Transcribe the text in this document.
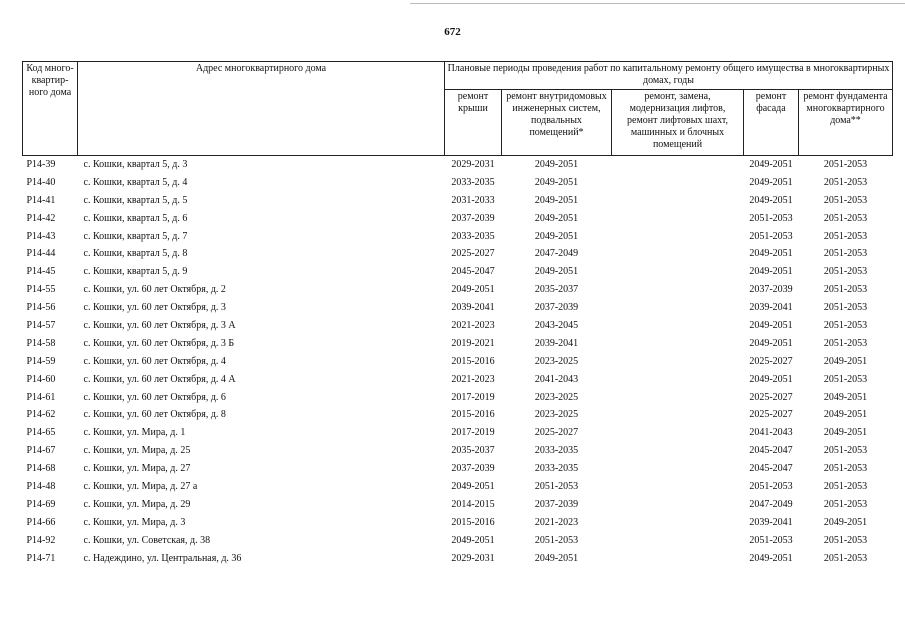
672
Код много-квартир-ного дома	Адрес многоквартирного дома	Плановые периоды проведения работ по капитальному ремонту общего имущества в многоквартирных домах, годы				
		ремонт крыши	ремонт внутридомовых инженерных систем, подвальных помещений*	ремонт, замена, модернизация лифтов, ремонт лифтовых шахт, машинных и блочных помещений	ремонт фасада	ремонт фундамента многоквартирного дома**
P14-39	с. Кошки, квартал 5, д. 3	2029-2031	2049-2051		2049-2051	2051-2053
P14-40	с. Кошки, квартал 5, д. 4	2033-2035	2049-2051		2049-2051	2051-2053
P14-41	с. Кошки, квартал 5, д. 5	2031-2033	2049-2051		2049-2051	2051-2053
P14-42	с. Кошки, квартал 5, д. 6	2037-2039	2049-2051		2051-2053	2051-2053
P14-43	с. Кошки, квартал 5, д. 7	2033-2035	2049-2051		2051-2053	2051-2053
P14-44	с. Кошки, квартал 5, д. 8	2025-2027	2047-2049		2049-2051	2051-2053
P14-45	с. Кошки, квартал 5, д. 9	2045-2047	2049-2051		2049-2051	2051-2053
P14-55	с. Кошки, ул. 60 лет Октября, д. 2	2049-2051	2035-2037		2037-2039	2051-2053
P14-56	с. Кошки, ул. 60 лет Октября, д. 3	2039-2041	2037-2039		2039-2041	2051-2053
P14-57	с. Кошки, ул. 60 лет Октября, д. 3 А	2021-2023	2043-2045		2049-2051	2051-2053
P14-58	с. Кошки, ул. 60 лет Октября, д. 3 Б	2019-2021	2039-2041		2049-2051	2051-2053
P14-59	с. Кошки, ул. 60 лет Октября, д. 4	2015-2016	2023-2025		2025-2027	2049-2051
P14-60	с. Кошки, ул. 60 лет Октября, д. 4 А	2021-2023	2041-2043		2049-2051	2051-2053
P14-61	с. Кошки, ул. 60 лет Октября, д. 6	2017-2019	2023-2025		2025-2027	2049-2051
P14-62	с. Кошки, ул. 60 лет Октября, д. 8	2015-2016	2023-2025		2025-2027	2049-2051
P14-65	с. Кошки, ул. Мира, д. 1	2017-2019	2025-2027		2041-2043	2049-2051
P14-67	с. Кошки, ул. Мира, д. 25	2035-2037	2033-2035		2045-2047	2051-2053
P14-68	с. Кошки, ул. Мира, д. 27	2037-2039	2033-2035		2045-2047	2051-2053
P14-48	с. Кошки, ул. Мира, д. 27 а	2049-2051	2051-2053		2051-2053	2051-2053
P14-69	с. Кошки, ул. Мира, д. 29	2014-2015	2037-2039		2047-2049	2051-2053
P14-66	с. Кошки, ул. Мира, д. 3	2015-2016	2021-2023		2039-2041	2049-2051
P14-92	с. Кошки, ул. Советская, д. 38	2049-2051	2051-2053		2051-2053	2051-2053
P14-71	с. Надеждино, ул. Центральная, д. 36	2029-2031	2049-2051		2049-2051	2051-2053
